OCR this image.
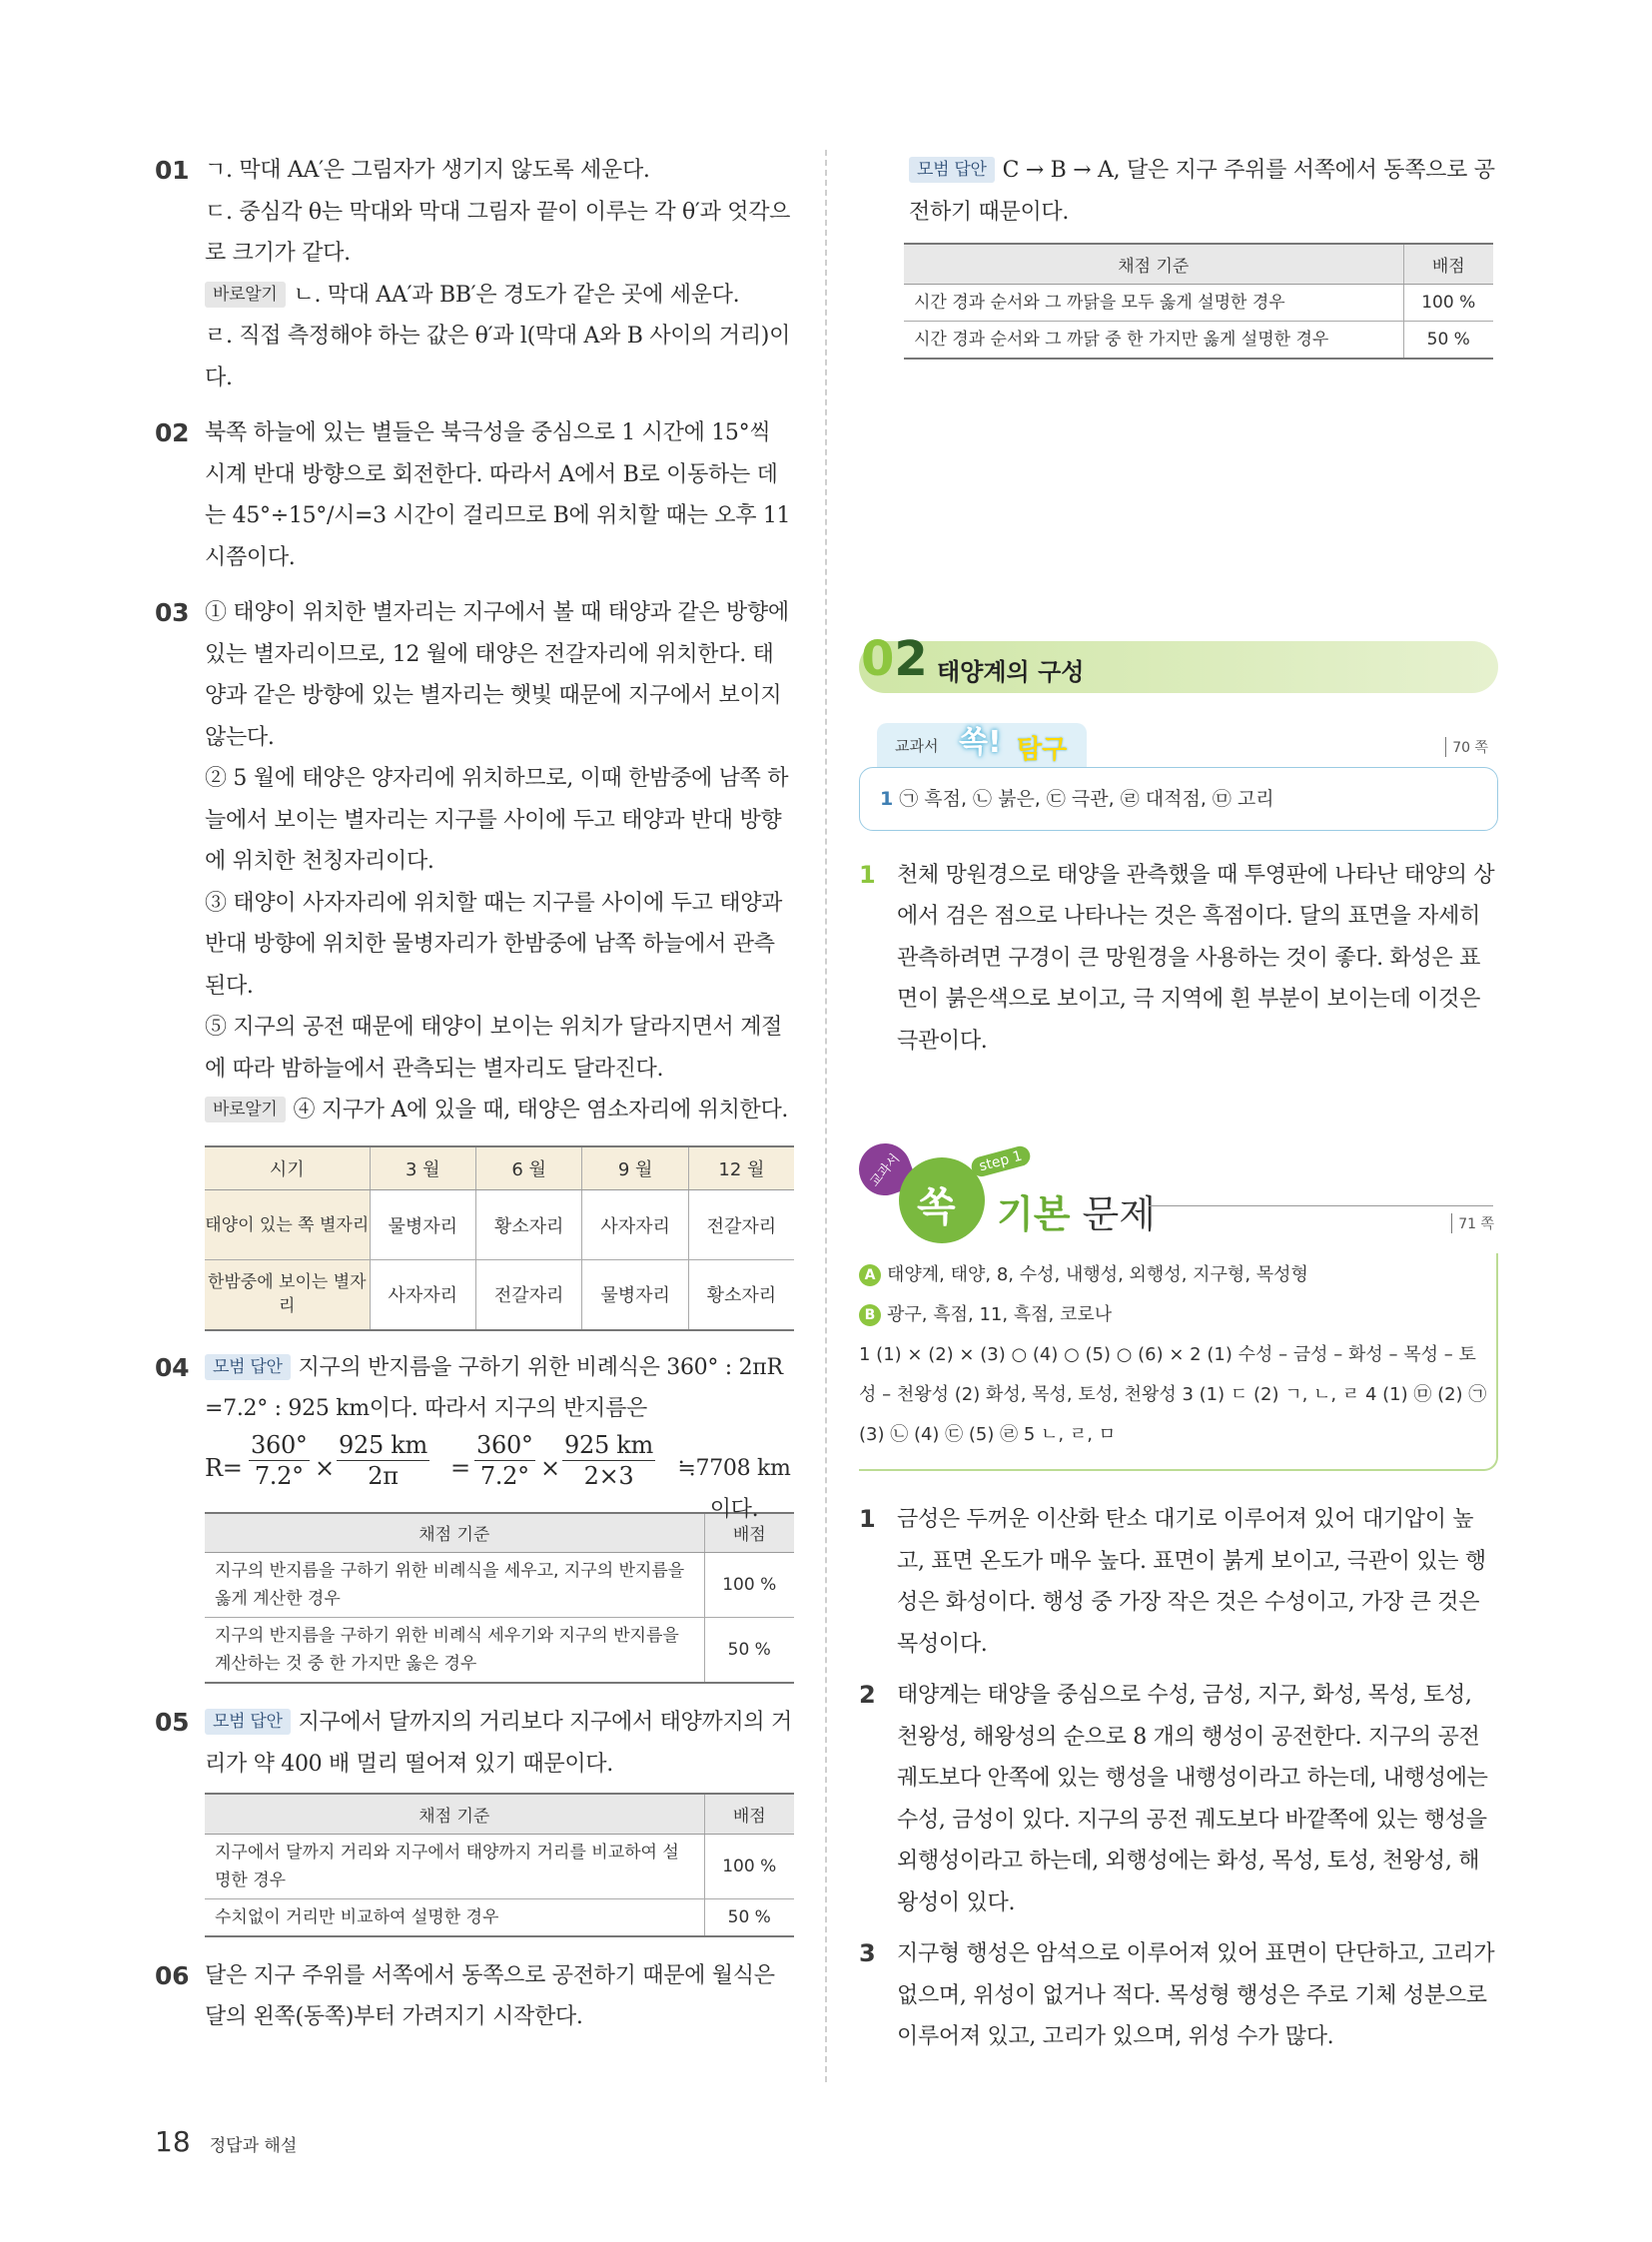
01 ㄱ. 막대 AA′은 그림자가 생기지 않도록 세운다.
ㄷ. 중심각 θ는 막대와 막대 그림자 끝이 이루는 각 θ′과 엇각으로 크기가 같다.
바로알기 ㄴ. 막대 AA′과 BB′은 경도가 같은 곳에 세운다.
ㄹ. 직접 측정해야 하는 값은 θ′과 l(막대 A와 B 사이의 거리)이다.
02 북쪽 하늘에 있는 별들은 북극성을 중심으로 1 시간에 15°씩 시계 반대 방향으로 회전한다. 따라서 A에서 B로 이동하는 데는 45°÷15°/시=3 시간이 걸리므로 B에 위치할 때는 오후 11 시쯤이다.
03 ① 태양이 위치한 별자리는 지구에서 볼 때 태양과 같은 방향에 있는 별자리이므로, 12 월에 태양은 전갈자리에 위치한다. 태양과 같은 방향에 있는 별자리는 햇빛 때문에 지구에서 보이지 않는다.
② 5 월에 태양은 양자리에 위치하므로, 이때 한밤중에 남쪽 하늘에서 보이는 별자리는 지구를 사이에 두고 태양과 반대 방향에 위치한 천칭자리이다.
③ 태양이 사자자리에 위치할 때는 지구를 사이에 두고 태양과 반대 방향에 위치한 물병자리가 한밤중에 남쪽 하늘에서 관측된다.
⑤ 지구의 공전 때문에 태양이 보이는 위치가 달라지면서 계절에 따라 밤하늘에서 관측되는 별자리도 달라진다.
바로알기 ④ 지구가 A에 있을 때, 태양은 염소자리에 위치한다.
시기	3 월	6 월	9 월	12 월
태양이 있는 쪽 별자리	물병자리	황소자리	사자자리	전갈자리
한밤중에 보이는 별자리	사자자리	전갈자리	물병자리	황소자리
04	모범 답안 지구의 반지름을 구하기 위한 비례식은 360° : 2πR =7.2° : 925 km이다. 따라서 지구의 반지름은
$R= \frac{360^\circ}{7.2^\circ} \times \frac{925 km}{2\pi} = \frac{360^\circ}{7.2^\circ} \times \frac{925 km}{2\times 3}$ ≒7708 km이다.
채점 기준	배점
지구의 반지름을 구하기 위한 비례식을 세우고, 지구의 반지름을 옳게 계산한 경우	100 %
지구의 반지름을 구하기 위한 비례식 세우기와 지구의 반지름을 계산하는 것 중 한 가지만 옳은 경우	50 %
05	모범 답안 지구에서 달까지의 거리보다 지구에서 태양까지의 거리가 약 400 배 멀리 떨어져 있기 때문이다.
채점 기준	배점
지구에서 달까지 거리와 지구에서 태양까지 거리를 비교하여 설명한 경우	100 %
수치없이 거리만 비교하여 설명한 경우	50 %
06 달은 지구 주위를 서쪽에서 동쪽으로 공전하기 때문에 월식은 달의 왼쪽(동쪽)부터 가려지기 시작한다.
모범 답안 C → B → A, 달은 지구 주위를 서쪽에서 동쪽으로 공전하기 때문이다.
채점 기준	배점
시간 경과 순서와 그 까닭을 모두 옳게 설명한 경우	100 %
시간 경과 순서와 그 까닭 중 한 가지만 옳게 설명한 경우	50 %
02 태양계의 구성
교과서 쏙! 탐구	70 쪽
1 ㉠ 흑점, ㉡ 붉은, ㉢ 극관, ㉣ 대적점, ㉤ 고리
1 천체 망원경으로 태양을 관측했을 때 투영판에 나타난 태양의 상에서 검은 점으로 나타나는 것은 흑점이다. 달의 표면을 자세히 관측하려면 구경이 큰 망원경을 사용하는 것이 좋다. 화성은 표면이 붉은색으로 보이고, 극 지역에 흰 부분이 보이는데 이것은 극관이다.
교과서
쏙
step 1
기본 문제	71 쪽
A 태양계, 태양, 8, 수성, 내행성, 외행성, 지구형, 목성형
B 광구, 흑점, 11, 흑점, 코로나
1 (1) × (2) × (3) ○ (4) ○ (5) ○ (6) × 2 (1) 수성 – 금성 – 화성 – 목성 – 토성 – 천왕성 (2) 화성, 목성, 토성, 천왕성 3 (1) ㄷ (2) ㄱ, ㄴ, ㄹ 4 (1) ㉤ (2) ㉠ (3) ㉡ (4) ㉢ (5) ㉣ 5 ㄴ, ㄹ, ㅁ
1 금성은 두꺼운 이산화 탄소 대기로 이루어져 있어 대기압이 높고, 표면 온도가 매우 높다. 표면이 붉게 보이고, 극관이 있는 행성은 화성이다. 행성 중 가장 작은 것은 수성이고, 가장 큰 것은 목성이다.
2 태양계는 태양을 중심으로 수성, 금성, 지구, 화성, 목성, 토성, 천왕성, 해왕성의 순으로 8 개의 행성이 공전한다. 지구의 공전 궤도보다 안쪽에 있는 행성을 내행성이라고 하는데, 내행성에는 수성, 금성이 있다. 지구의 공전 궤도보다 바깥쪽에 있는 행성을 외행성이라고 하는데, 외행성에는 화성, 목성, 토성, 천왕성, 해왕성이 있다.
3 지구형 행성은 암석으로 이루어져 있어 표면이 단단하고, 고리가 없으며, 위성이 없거나 적다. 목성형 행성은 주로 기체 성분으로 이루어져 있고, 고리가 있으며, 위성 수가 많다.
18 정답과 해설
